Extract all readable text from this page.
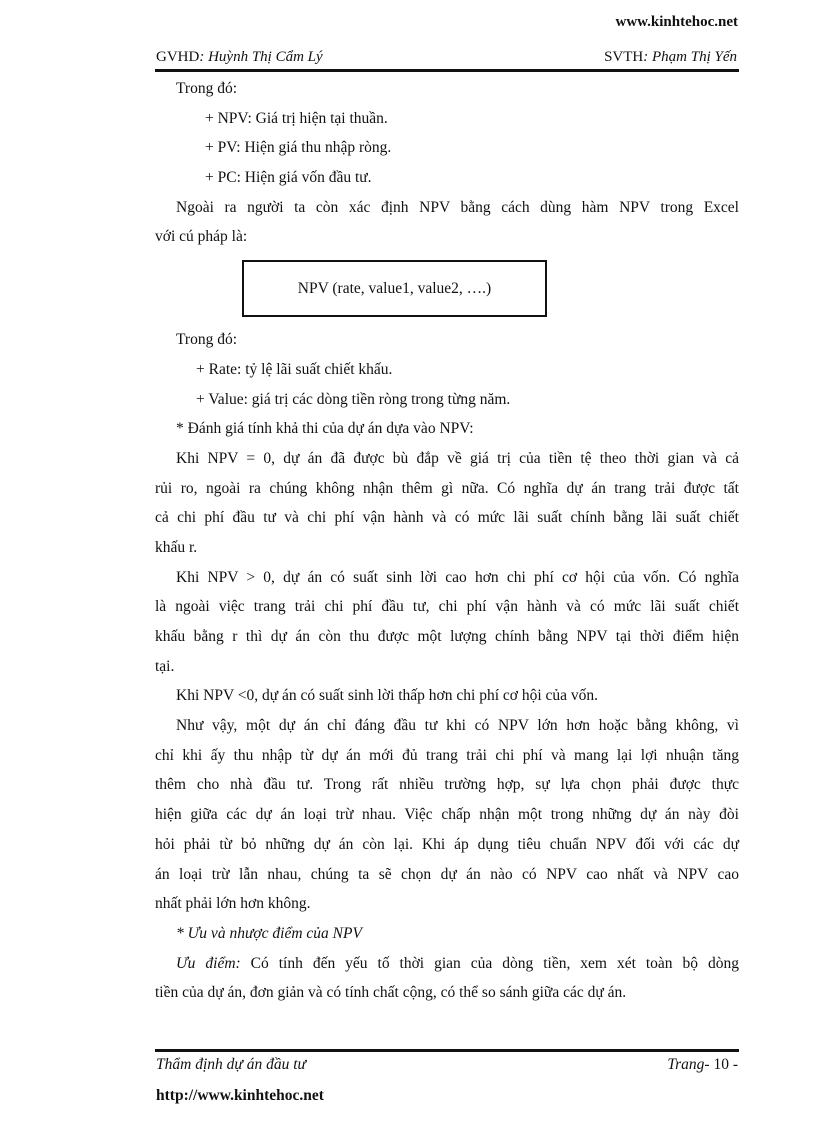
www.kinhtehoc.net
GVHD: Huỳnh Thị Cẩm Lý	SVTH: Phạm Thị Yến
Trong đó:
+ NPV: Giá trị hiện tại thuần.
+ PV: Hiện giá thu nhập ròng.
+ PC: Hiện giá vốn đầu tư.
Ngoài ra người ta còn xác định NPV bằng cách dùng hàm NPV trong Excel
với cú pháp là:
NPV (rate, value1, value2, ….)
Trong đó:
+ Rate: tỷ lệ lãi suất chiết khấu.
+ Value: giá trị các dòng tiền ròng trong từng năm.
* Đánh giá tính khả thi của dự án dựa vào NPV:
Khi NPV = 0, dự án đã được bù đắp về giá trị của tiền tệ theo thời gian và cả
rủi ro, ngoài ra chúng không nhận thêm gì nữa. Có nghĩa dự án trang trải được tất
cả chi phí đầu tư và chi phí vận hành và có mức lãi suất chính bằng lãi suất chiết
khấu r.
Khi NPV > 0, dự án có suất sinh lời cao hơn chi phí cơ hội của vốn. Có nghĩa
là ngoài việc trang trải chi phí đầu tư, chi phí vận hành và có mức lãi suất chiết
khấu bằng r thì dự án còn thu được một lượng chính bằng NPV tại thời điểm hiện
tại.
Khi NPV <0, dự án có suất sinh lời thấp hơn chi phí cơ hội của vốn.
Như vậy, một dự án chỉ đáng đầu tư khi có NPV lớn hơn hoặc bằng không, vì
chỉ khi ấy thu nhập từ dự án mới đủ trang trải chi phí và mang lại lợi nhuận tăng
thêm cho nhà đầu tư. Trong rất nhiều trường hợp, sự lựa chọn phải được thực
hiện giữa các dự án loại trừ nhau. Việc chấp nhận một trong những dự án này đòi
hỏi phải từ bỏ những dự án còn lại. Khi áp dụng tiêu chuẩn NPV đối với các dự
án loại trừ lẫn nhau, chúng ta sẽ chọn dự án nào có NPV cao nhất và NPV cao
nhất phải lớn hơn không.
* Ưu và nhược điểm của NPV
Ưu điểm: Có tính đến yếu tố thời gian của dòng tiền, xem xét toàn bộ dòng
tiền của dự án, đơn giản và có tính chất cộng, có thể so sánh giữa các dự án.
Thẩm định dự án đầu tư	Trang- 10 -
http://www.kinhtehoc.net
